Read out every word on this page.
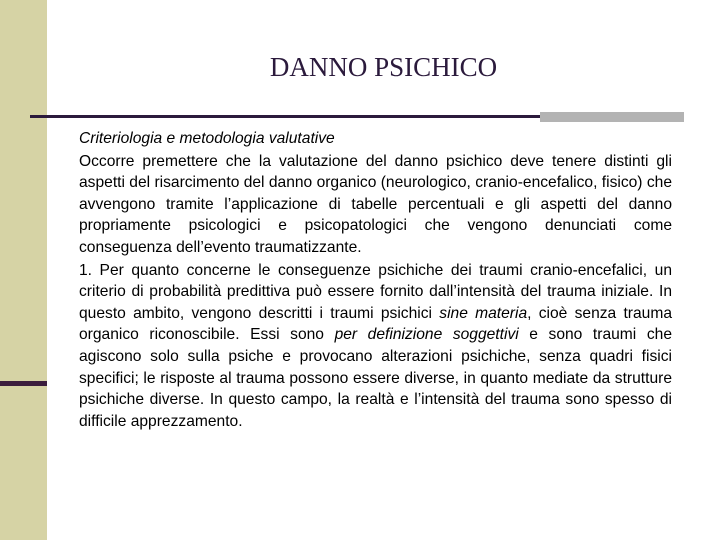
DANNO PSICHICO

Criteriologia e metodologia valutative

Occorre premettere che la valutazione del danno psichico deve tenere distinti gli aspetti del risarcimento del danno organico (neurologico, cranio-encefalico, fisico) che avvengono tramite l’applicazione di tabelle percentuali e gli aspetti del danno propriamente psicologici e psicopatologici che vengono denunciati come conseguenza dell’evento traumatizzante.

1. Per quanto concerne le conseguenze psichiche dei traumi cranio-encefalici, un criterio di probabilità predittiva può essere fornito dall’intensità del trauma iniziale. In questo ambito, vengono descritti i traumi psichici sine materia, cioè senza trauma organico riconoscibile. Essi sono per definizione soggettivi e sono traumi che agiscono solo sulla psiche e provocano alterazioni psichiche, senza quadri fisici specifici; le risposte al trauma possono essere diverse, in quanto mediate da strutture psichiche diverse. In questo campo, la realtà e l’intensità del trauma sono spesso di difficile apprezzamento.
